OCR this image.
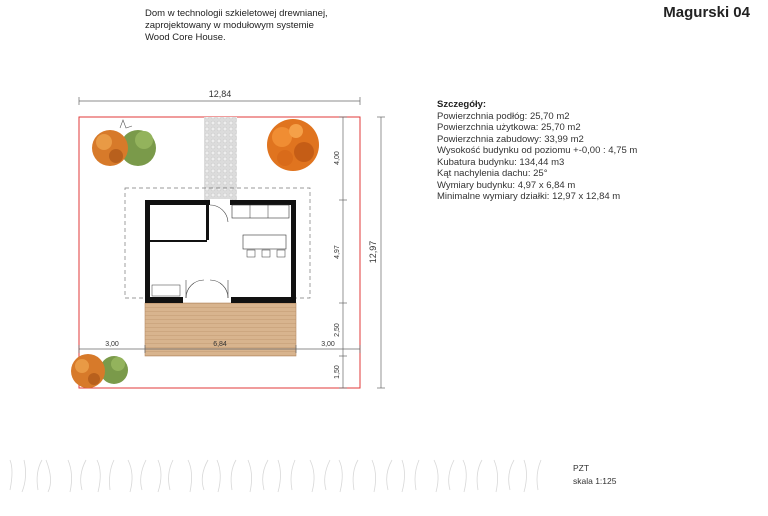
Magurski 04
Dom w technologii szkieletowej drewnianej,
zaprojektowany w modułowym systemie
Wood Core House.
Szczegóły:
Powierzchnia podłóg: 25,70 m2
Powierzchnia użytkowa: 25,70 m2
Powierzchnia zabudowy: 33,99 m2
Wysokość budynku od poziomu +-0,00 : 4,75 m
Kubatura budynku: 134,44 m3
Kąt nachylenia dachu: 25°
Wymiary budynku: 4,97 x 6,84 m
Minimalne wymiary działki: 12,97 x 12,84 m
12,84
4,00
4,97
2,50
1,50
12,97
3,00	6,84	3,00
PZT
skala 1:125
